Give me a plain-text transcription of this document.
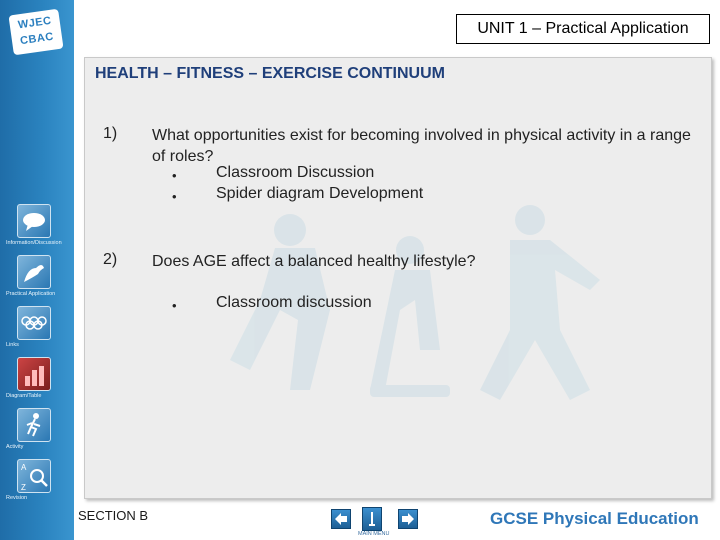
WJEC
CBAC
Information/Discussion
Practical Application
Links
Diagram/Table
Activity
A
Z
Revision
UNIT 1 – Practical Application
HEALTH – FITNESS – EXERCISE CONTINUUM
1) What opportunities exist for becoming involved in physical activity in a range of roles?
• Classroom Discussion
• Spider diagram Development
2) Does AGE affect a balanced healthy lifestyle?
• Classroom discussion
SECTION B
MAIN MENU
GCSE Physical Education
